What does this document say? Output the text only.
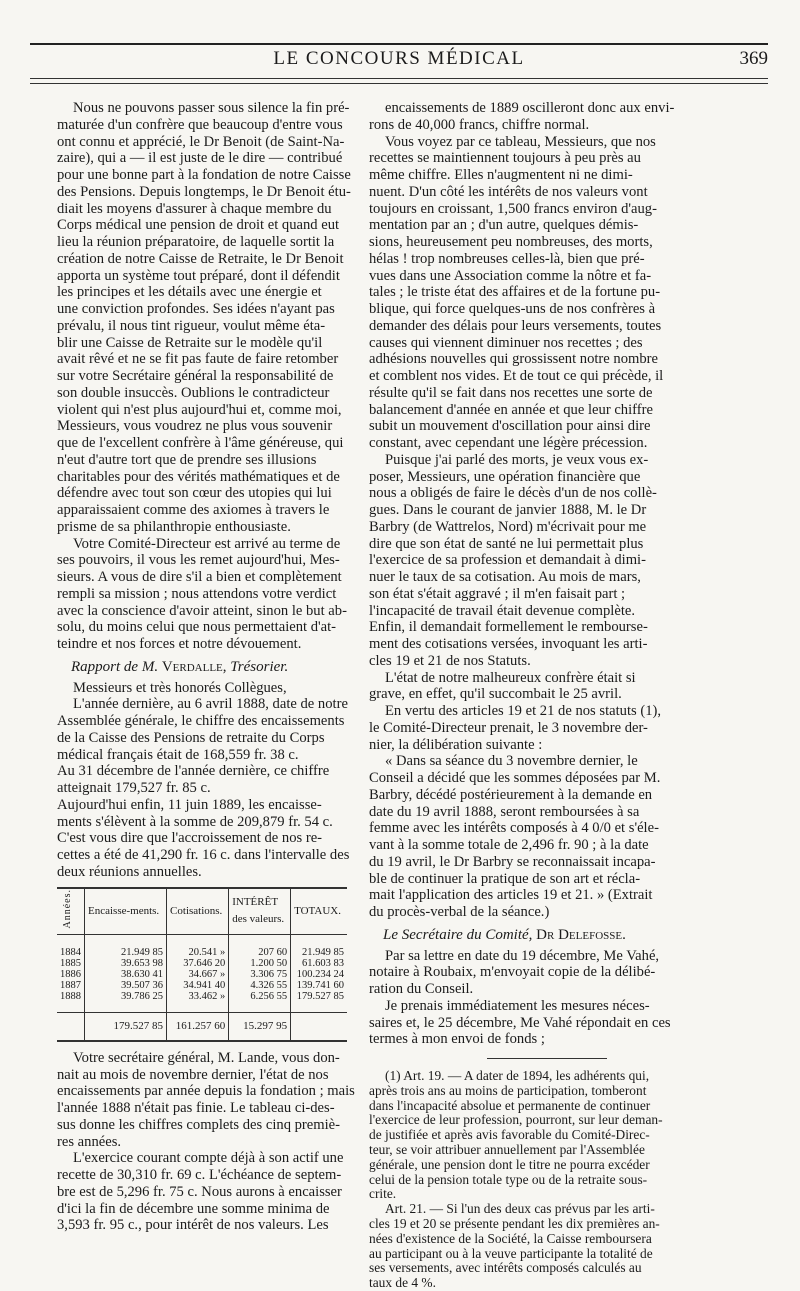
LE CONCOURS MÉDICAL	369
Nous ne pouvons passer sous silence la fin pré-
maturée d'un confrère que beaucoup d'entre vous
ont connu et apprécié, le Dr Benoit (de Saint-Na-
zaire), qui a — il est juste de le dire — contribué
pour une bonne part à la fondation de notre Caisse
des Pensions. Depuis longtemps, le Dr Benoit étu-
diait les moyens d'assurer à chaque membre du
Corps médical une pension de droit et quand eut
lieu la réunion préparatoire, de laquelle sortit la
création de notre Caisse de Retraite, le Dr Benoit
apporta un système tout préparé, dont il défendit
les principes et les détails avec une énergie et
une conviction profondes. Ses idées n'ayant pas
prévalu, il nous tint rigueur, voulut même éta-
blir une Caisse de Retraite sur le modèle qu'il
avait rêvé et ne se fit pas faute de faire retomber
sur votre Secrétaire général la responsabilité de
son double insuccès. Oublions le contradicteur
violent qui n'est plus aujourd'hui et, comme moi,
Messieurs, vous voudrez ne plus vous souvenir
que de l'excellent confrère à l'âme généreuse, qui
n'eut d'autre tort que de prendre ses illusions
charitables pour des vérités mathématiques et de
défendre avec tout son cœur des utopies qui lui
apparaissaient comme des axiomes à travers le
prisme de sa philanthropie enthousiaste.
Votre Comité-Directeur est arrivé au terme de
ses pouvoirs, il vous les remet aujourd'hui, Mes-
sieurs. A vous de dire s'il a bien et complètement
rempli sa mission ; nous attendons votre verdict
avec la conscience d'avoir atteint, sinon le but ab-
solu, du moins celui que nous permettaient d'at-
teindre et nos forces et notre dévouement.
Rapport de M. Verdalle, Trésorier.
Messieurs et très honorés Collègues,
L'année dernière, au 6 avril 1888, date de notre
Assemblée générale, le chiffre des encaissements
de la Caisse des Pensions de retraite du Corps
médical français était de 168,559 fr. 38 c.
Au 31 décembre de l'année dernière, ce chiffre
atteignait 179,527 fr. 85 c.
Aujourd'hui enfin, 11 juin 1889, les encaisse-
ments s'élèvent à la somme de 209,879 fr. 54 c.
C'est vous dire que l'accroissement de nos re-
cettes a été de 41,290 fr. 16 c. dans l'intervalle des
deux réunions annuelles.
Années.	Encaisse-ments.	Cotisations.	INTÉRÊT
des valeurs.	TOTAUX.
1884	21.949 85	20.541 »	207 60	21.949 85
1885	39.653 98	37.646 20	1.200 50	61.603 83
1886	38.630 41	34.667 »	3.306 75	100.234 24
1887	39.507 36	34.941 40	4.326 55	139.741 60
1888	39.786 25	33.462 »	6.256 55	179.527 85
	179.527 85	161.257 60	15.297 95	
Votre secrétaire général, M. Lande, vous don-
nait au mois de novembre dernier, l'état de nos
encaissements par année depuis la fondation ; mais
l'année 1888 n'était pas finie. Le tableau ci-des-
sus donne les chiffres complets des cinq premiè-
res années.
L'exercice courant compte déjà à son actif une
recette de 30,310 fr. 69 c. L'échéance de septem-
bre est de 5,296 fr. 75 c. Nous aurons à encaisser
d'ici la fin de décembre une somme minima de
3,593 fr. 95 c., pour intérêt de nos valeurs. Les
encaissements de 1889 oscilleront donc aux envi-
rons de 40,000 francs, chiffre normal.
Vous voyez par ce tableau, Messieurs, que nos
recettes se maintiennent toujours à peu près au
même chiffre. Elles n'augmentent ni ne dimi-
nuent. D'un côté les intérêts de nos valeurs vont
toujours en croissant, 1,500 francs environ d'aug-
mentation par an ; d'un autre, quelques démis-
sions, heureusement peu nombreuses, des morts,
hélas ! trop nombreuses celles-là, bien que pré-
vues dans une Association comme la nôtre et fa-
tales ; le triste état des affaires et de la fortune pu-
blique, qui force quelques-uns de nos confrères à
demander des délais pour leurs versements, toutes
causes qui viennent diminuer nos recettes ; des
adhésions nouvelles qui grossissent notre nombre
et comblent nos vides. Et de tout ce qui précède, il
résulte qu'il se fait dans nos recettes une sorte de
balancement d'année en année et que leur chiffre
subit un mouvement d'oscillation pour ainsi dire
constant, avec cependant une légère précession.
Puisque j'ai parlé des morts, je veux vous ex-
poser, Messieurs, une opération financière que
nous a obligés de faire le décès d'un de nos collè-
gues. Dans le courant de janvier 1888, M. le Dr
Barbry (de Wattrelos, Nord) m'écrivait pour me
dire que son état de santé ne lui permettait plus
l'exercice de sa profession et demandait à dimi-
nuer le taux de sa cotisation. Au mois de mars,
son état s'était aggravé ; il m'en faisait part ;
l'incapacité de travail était devenue complète.
Enfin, il demandait formellement le rembourse-
ment des cotisations versées, invoquant les arti-
cles 19 et 21 de nos Statuts.
L'état de notre malheureux confrère était si
grave, en effet, qu'il succombait le 25 avril.
En vertu des articles 19 et 21 de nos statuts (1),
le Comité-Directeur prenait, le 3 novembre der-
nier, la délibération suivante :
« Dans sa séance du 3 novembre dernier, le
Conseil a décidé que les sommes déposées par M.
Barbry, décédé postérieurement à la demande en
date du 19 avril 1888, seront remboursées à sa
femme avec les intérêts composés à 4 0/0 et s'éle-
vant à la somme totale de 2,496 fr. 90 ; à la date
du 19 avril, le Dr Barbry se reconnaissait incapa-
ble de continuer la pratique de son art et récla-
mait l'application des articles 19 et 21. » (Extrait
du procès-verbal de la séance.)
Le Secrétaire du Comité, Dr Delefosse.
Par sa lettre en date du 19 décembre, Me Vahé,
notaire à Roubaix, m'envoyait copie de la délibé-
ration du Conseil.
Je prenais immédiatement les mesures néces-
saires et, le 25 décembre, Me Vahé répondait en ces
termes à mon envoi de fonds ;
(1) Art. 19. — A dater de 1894, les adhérents qui,
après trois ans au moins de participation, tomberont
dans l'incapacité absolue et permanente de continuer
l'exercice de leur profession, pourront, sur leur deman-
de justifiée et après avis favorable du Comité-Direc-
teur, se voir attribuer annuellement par l'Assemblée
générale, une pension dont le titre ne pourra excéder
celui de la pension totale type ou de la retraite sous-
crite.
Art. 21. — Si l'un des deux cas prévus par les arti-
cles 19 et 20 se présente pendant les dix premières an-
nées d'existence de la Société, la Caisse remboursera
au participant ou à la veuve participante la totalité de
ses versements, avec intérêts composés calculés au
taux de 4 %.
